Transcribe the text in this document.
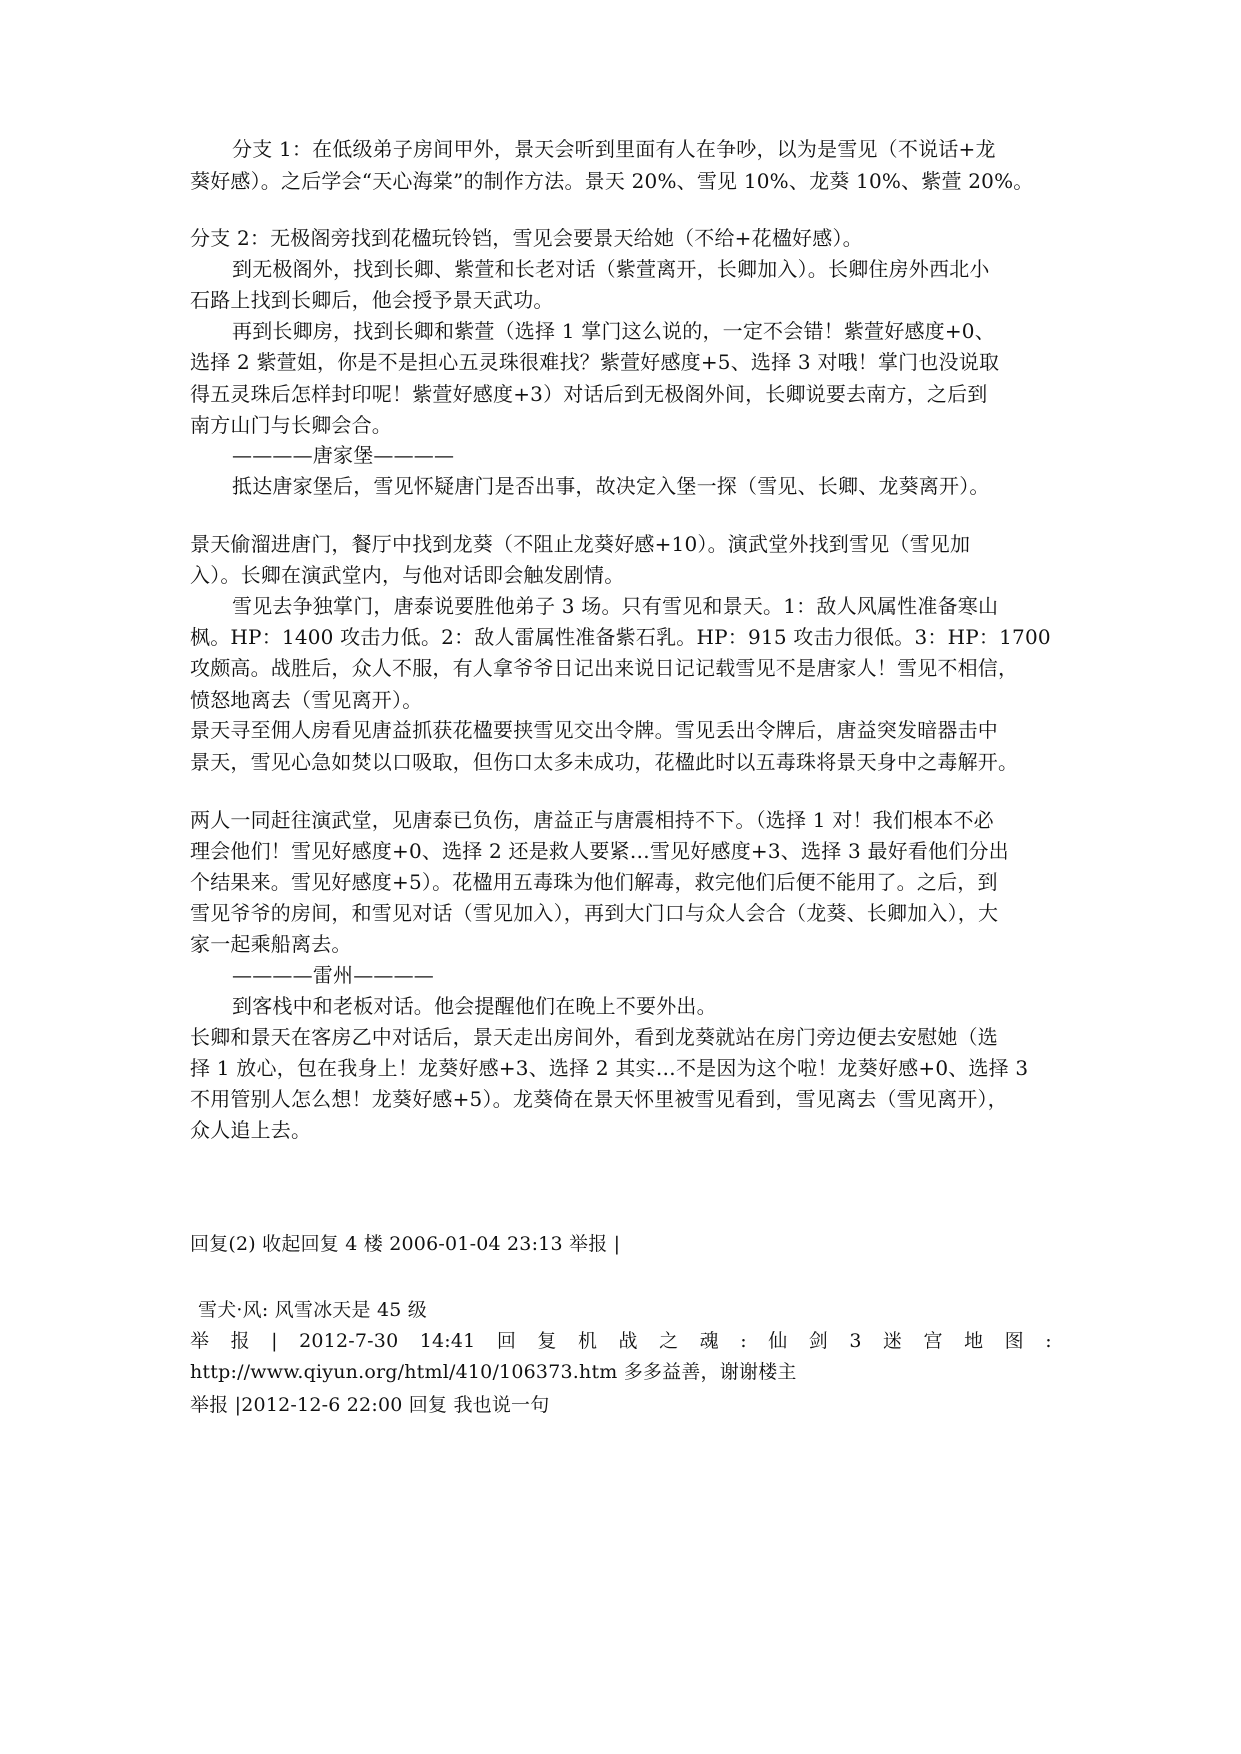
分支 1：在低级弟子房间甲外，景天会听到里面有人在争吵，以为是雪见（不说话+龙
葵好感）。之后学会“天心海棠”的制作方法。景天 20%、雪见 10%、龙葵 10%、紫萱 20%。
分支 2：无极阁旁找到花楹玩铃铛，雪见会要景天给她（不给+花楹好感）。
到无极阁外，找到长卿、紫萱和长老对话（紫萱离开，长卿加入）。长卿住房外西北小
石路上找到长卿后，他会授予景天武功。
再到长卿房，找到长卿和紫萱（选择 1 掌门这么说的，一定不会错！紫萱好感度+0、
选择 2 紫萱姐，你是不是担心五灵珠很难找？紫萱好感度+5、选择 3 对哦！掌门也没说取
得五灵珠后怎样封印呢！紫萱好感度+3）对话后到无极阁外间，长卿说要去南方，之后到
南方山门与长卿会合。
————唐家堡————
抵达唐家堡后，雪见怀疑唐门是否出事，故决定入堡一探（雪见、长卿、龙葵离开）。
景天偷溜进唐门，餐厅中找到龙葵（不阻止龙葵好感+10）。演武堂外找到雪见（雪见加
入）。长卿在演武堂内，与他对话即会触发剧情。
雪见去争独掌门，唐泰说要胜他弟子 3 场。只有雪见和景天。1：敌人风属性准备寒山
枫。HP：1400 攻击力低。2：敌人雷属性准备紫石乳。HP：915 攻击力很低。3：HP：1700
攻颇高。战胜后，众人不服，有人拿爷爷日记出来说日记记载雪见不是唐家人！雪见不相信，
愤怒地离去（雪见离开）。
景天寻至佣人房看见唐益抓获花楹要挟雪见交出令牌。雪见丢出令牌后，唐益突发暗器击中
景天，雪见心急如焚以口吸取，但伤口太多未成功，花楹此时以五毒珠将景天身中之毒解开。
两人一同赶往演武堂，见唐泰已负伤，唐益正与唐震相持不下。（选择 1 对！我们根本不必
理会他们！雪见好感度+0、选择 2 还是救人要紧…雪见好感度+3、选择 3 最好看他们分出
个结果来。雪见好感度+5）。花楹用五毒珠为他们解毒，救完他们后便不能用了。之后，到
雪见爷爷的房间，和雪见对话（雪见加入），再到大门口与众人会合（龙葵、长卿加入），大
家一起乘船离去。
————雷州————
到客栈中和老板对话。他会提醒他们在晚上不要外出。
长卿和景天在客房乙中对话后，景天走出房间外，看到龙葵就站在房门旁边便去安慰她（选
择 1 放心，包在我身上！龙葵好感+3、选择 2 其实…不是因为这个啦！龙葵好感+0、选择 3
不用管别人怎么想！龙葵好感+5）。龙葵倚在景天怀里被雪见看到，雪见离去（雪见离开），
众人追上去。
回复(2) 收起回复 4 楼 2006-01-04 23:13 举报 |
雪犬·风: 风雪冰天是 45 级
举 报 | 2012-7-30 14:41 回 复 机 战 之 魂 : 仙 剑 3 迷 宫 地 图 :
http://www.qiyun.org/html/410/106373.htm 多多益善，谢谢楼主
举报 |2012-12-6 22:00 回复 我也说一句
